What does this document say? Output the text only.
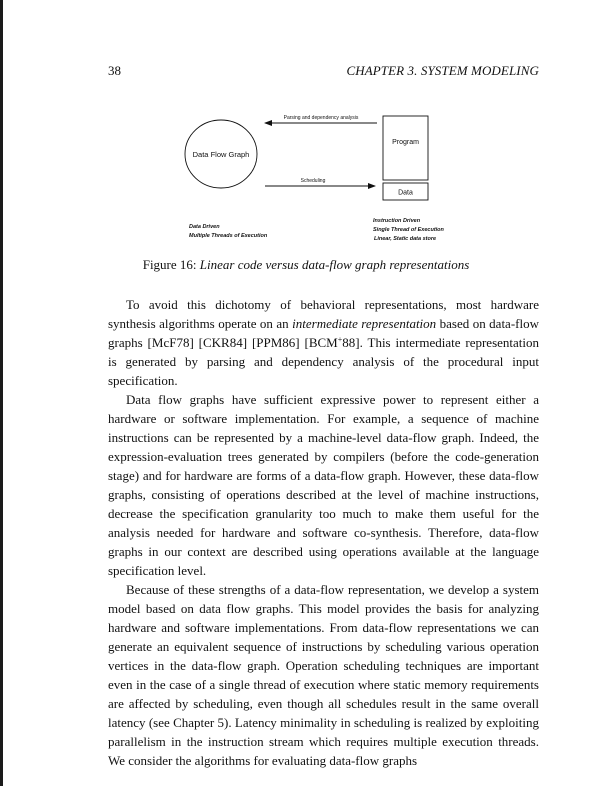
38	CHAPTER 3. SYSTEM MODELING
Data Flow Graph
Program
Data
Parsing and dependency analysis
Scheduling
Data Driven
Multiple Threads of Execution
Instruction Driven
Single Thread of Execution
Linear, Static data store
Figure 16: Linear code versus data-flow graph representations

To avoid this dichotomy of behavioral representations, most hardware synthesis algorithms operate on an intermediate representation based on data-flow graphs [McF78] [CKR84] [PPM86] [BCM+88]. This intermediate representation is generated by parsing and dependency analysis of the procedural input specification.

Data flow graphs have sufficient expressive power to represent either a hardware or software implementation. For example, a sequence of machine instructions can be represented by a machine-level data-flow graph. Indeed, the expression-evaluation trees generated by compilers (before the code-generation stage) and for hardware are forms of a data-flow graph. However, these data-flow graphs, consisting of operations described at the level of machine instructions, decrease the specification granularity too much to make them useful for the analysis needed for hardware and software co-synthesis. Therefore, data-flow graphs in our context are described using operations available at the language specification level.

Because of these strengths of a data-flow representation, we develop a system model based on data flow graphs. This model provides the basis for analyzing hardware and software implementations. From data-flow representations we can generate an equivalent sequence of instructions by scheduling various operation vertices in the data-flow graph. Operation scheduling techniques are important even in the case of a single thread of execution where static memory requirements are affected by scheduling, even though all schedules result in the same overall latency (see Chapter 5). Latency minimality in scheduling is realized by exploiting parallelism in the instruction stream which requires multiple execution threads. We consider the algorithms for evaluating data-flow graphs
